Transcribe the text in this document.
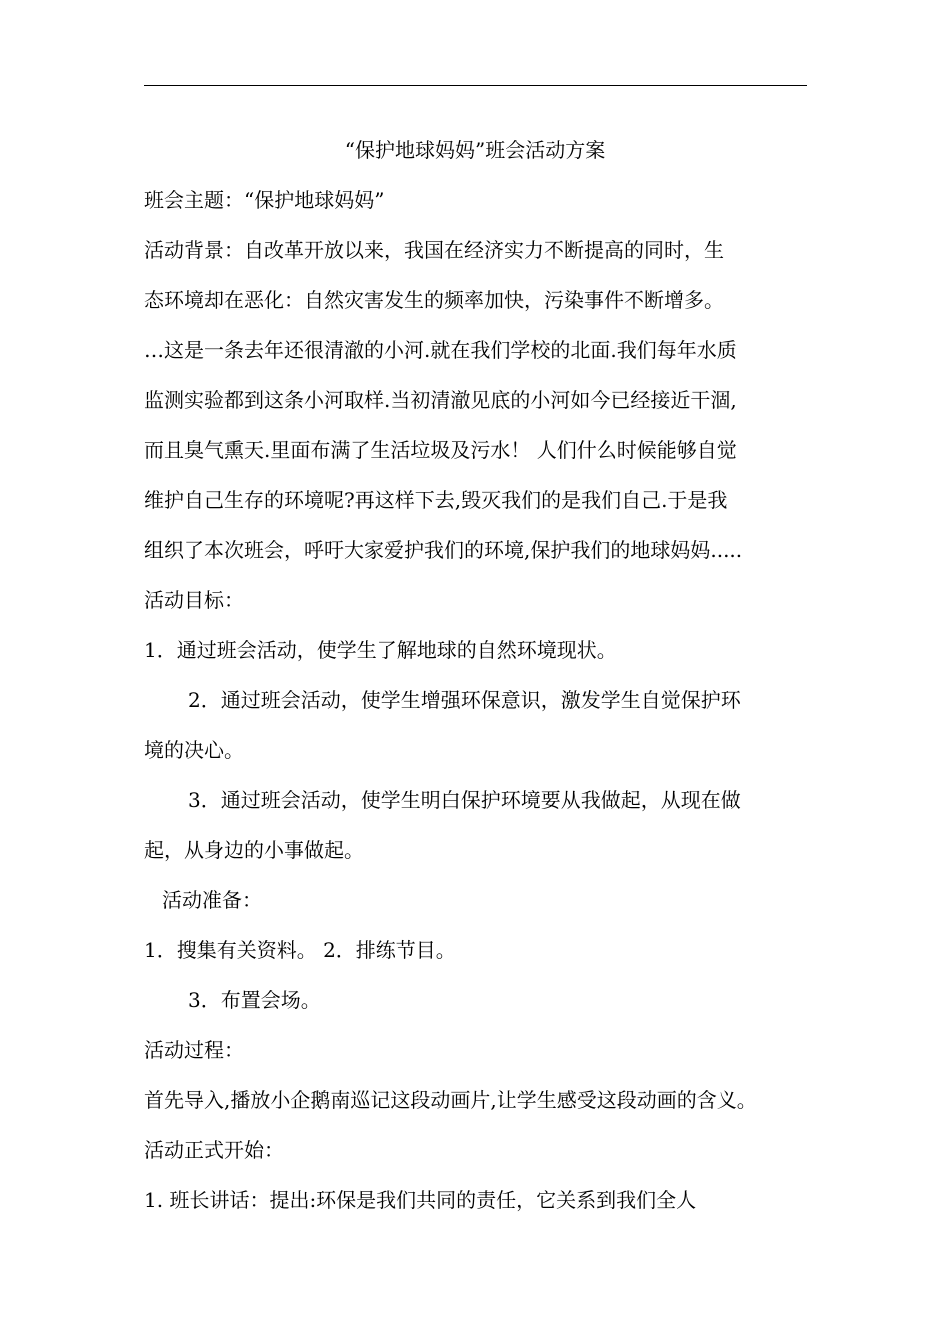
“保护地球妈妈”班会活动方案
班会主题：“保护地球妈妈”
活动背景：自改革开放以来，我国在经济实力不断提高的同时，生
态环境却在恶化：自然灾害发生的频率加快，污染事件不断增多。
…这是一条去年还很清澈的小河.就在我们学校的北面.我们每年水质
监测实验都到这条小河取样.当初清澈见底的小河如今已经接近干涸,
而且臭气熏天.里面布满了生活垃圾及污水！ 人们什么时候能够自觉
维护自己生存的环境呢?再这样下去,毁灭我们的是我们自己.于是我
组织了本次班会，呼吁大家爱护我们的环境,保护我们的地球妈妈.....
活动目标：
1．通过班会活动，使学生了解地球的自然环境现状。
2．通过班会活动，使学生增强环保意识，激发学生自觉保护环
境的决心。
3．通过班会活动，使学生明白保护环境要从我做起，从现在做
起，从身边的小事做起。
活动准备：
1．搜集有关资料。 2．排练节目。
3．布置会场。
活动过程：
首先导入,播放小企鹅南巡记这段动画片,让学生感受这段动画的含义。
活动正式开始：
1. 班长讲话：提出:环保是我们共同的责任，它关系到我们全人
